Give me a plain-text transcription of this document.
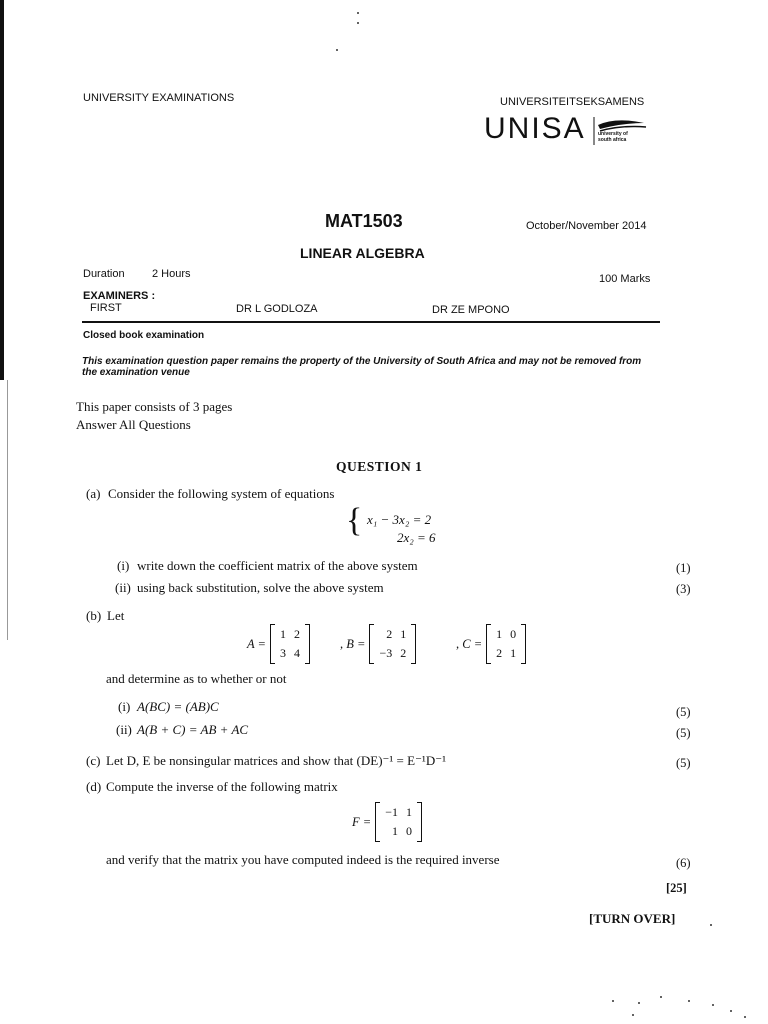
UNIVERSITY EXAMINATIONS	UNIVERSITEITSEKSAMENS
UNISA university of south africa
MAT1503	October/November 2014
LINEAR ALGEBRA
Duration 2 Hours	100 Marks
EXAMINERS :
FIRST	DR L GODLOZA	DR ZE MPONO
Closed book examination
This examination question paper remains the property of the University of South Africa and may not be removed from the examination venue
This paper consists of 3 pages
Answer All Questions
QUESTION 1
(a) Consider the following system of equations
{ x₁ − 3x₂ = 2
2x₂ = 6
(i) write down the coefficient matrix of the above system	(1)
(ii) using back substitution, solve the above system	(3)
(b) Let
A =
1 2
3 4
, B =
2 1
−3 2
, C =
1 0
2 1
and determine as to whether or not
(i) A(BC) = (AB)C	(5)
(ii) A(B + C) = AB + AC	(5)
(c) Let D, E be nonsingular matrices and show that (DE)⁻¹ = E⁻¹D⁻¹	(5)
(d) Compute the inverse of the following matrix
F =
−1 1
1 0
and verify that the matrix you have computed indeed is the required inverse	(6)
[25]
[TURN OVER]
